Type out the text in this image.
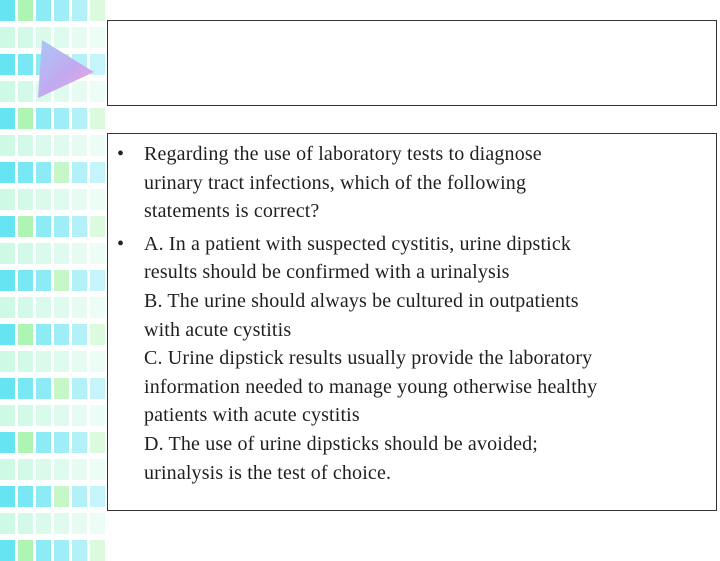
• Regarding the use of laboratory tests to diagnose
urinary tract infections, which of the following
statements is correct?
• A. In a patient with suspected cystitis, urine dipstick
results should be confirmed with a urinalysis
B. The urine should always be cultured in outpatients
with acute cystitis
C. Urine dipstick results usually provide the laboratory
information needed to manage young otherwise healthy
patients with acute cystitis
D. The use of urine dipsticks should be avoided;
urinalysis is the test of choice.
